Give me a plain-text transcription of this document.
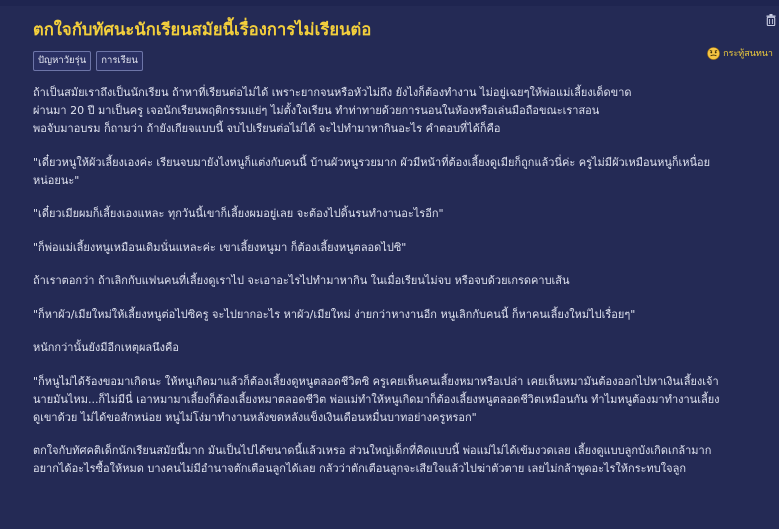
ตกใจกับทัศนะนักเรียนสมัยนี้เรื่องการไม่เรียนต่อ
ปัญหาวัยรุ่น	การเรียน
กระทู้สนทนา
ถ้าเป็นสมัยเราถึงเป็นนักเรียน ถ้าหาที่เรียนต่อไม่ได้ เพราะยากจนหรือหัวไม่ถึง ยังไงก็ต้องทำงาน ไม่อยู่เฉยๆให้พ่อแม่เลี้ยงเด็ดขาด
ผ่านมา 20 ปี มาเป็นครู เจอนักเรียนพฤติกรรมแย่ๆ ไม่ตั้งใจเรียน ทำท่าทายด้วยการนอนในห้องหรือเล่นมือถือขณะเราสอน
พอจับมาอบรม ก็ถามว่า ถ้ายังเกียจแบบนี้ จบไปเรียนต่อไม่ได้ จะไปทำมาหากินอะไร คำตอบที่ได้ก็คือ
"เดี๋ยวหนูให้ผัวเลี้ยงเองค่ะ เรียนจบมายังไงหนูก็แต่งกับคนนี้ บ้านผัวหนูรวยมาก ผัวมีหน้าที่ต้องเลี้ยงดูเมียก็ถูกแล้วนี่ค่ะ ครูไม่มีผัวเหมือนหนูก็เหนื่อย
หน่อยนะ"
"เดี๋ยวเมียผมก็เลี้ยงเองแหละ ทุกวันนี้เขาก็เลี้ยงผมอยู่เลย จะต้องไปดิ้นรนทำงานอะไรอีก"
"ก็พ่อแม่เลี้ยงหนูเหมือนเดิมนั่นแหละค่ะ เขาเลี้ยงหนูมา ก็ต้องเลี้ยงหนูตลอดไปซิ"
ถ้าเราตอกว่า ถ้าเลิกกับแฟนคนที่เลี้ยงดูเราไป จะเอาอะไรไปทำมาหากิน ในเมื่อเรียนไม่จบ หรือจบด้วยเกรดคาบเส้น
"ก็หาผัว/เมียใหม่ให้เลี้ยงหนูต่อไปซิครู จะไปยากอะไร หาผัว/เมียใหม่ ง่ายกว่าหางานอีก หนูเลิกกับคนนี้ ก็หาคนเลี้ยงใหม่ไปเรื่อยๆ"
หนักกว่านั้นยังมีอีกเหตุผลนึงคือ
"ก็หนูไม่ได้ร้องขอมาเกิดนะ ให้หนูเกิดมาแล้วก็ต้องเลี้ยงดูหนูตลอดชีวิตซิ ครูเคยเห็นคนเลี้ยงหมาหรือเปล่า เคยเห็นหมามันต้องออกไปหาเงินเลี้ยงเจ้า
นายมันไหม...ก็ไม่มีนี่ เอาหมามาเลี้ยงก็ต้องเลี้ยงหมาตลอดชีวิต พ่อแม่ทำให้หนูเกิดมาก็ต้องเลี้ยงหนูตลอดชีวิตเหมือนกัน ทำไมหนูต้องมาทำงานเลี้ยง
ดูเขาด้วย ไม่ได้ขอสักหน่อย หนูไม่โง่มาทำงานหลังขดหลังแข็งเงินเดือนหมื่นบาทอย่างครูหรอก"
ตกใจกับทัศคติเด็กนักเรียนสมัยนี้มาก มันเป็นไปได้ขนาดนี้แล้วเหรอ ส่วนใหญ่เด็กที่คิดแบบนี้ พ่อแม่ไม่ได้เข้มงวดเลย เลี้ยงดูแบบลูกบังเกิดเกล้ามาก
อยากได้อะไรซื้อให้หมด บางคนไม่มีอำนาจตักเตือนลูกได้เลย กลัวว่าตักเตือนลูกจะเสียใจแล้วไปฆ่าตัวตาย เลยไม่กล้าพูดอะไรให้กระทบใจลูก
